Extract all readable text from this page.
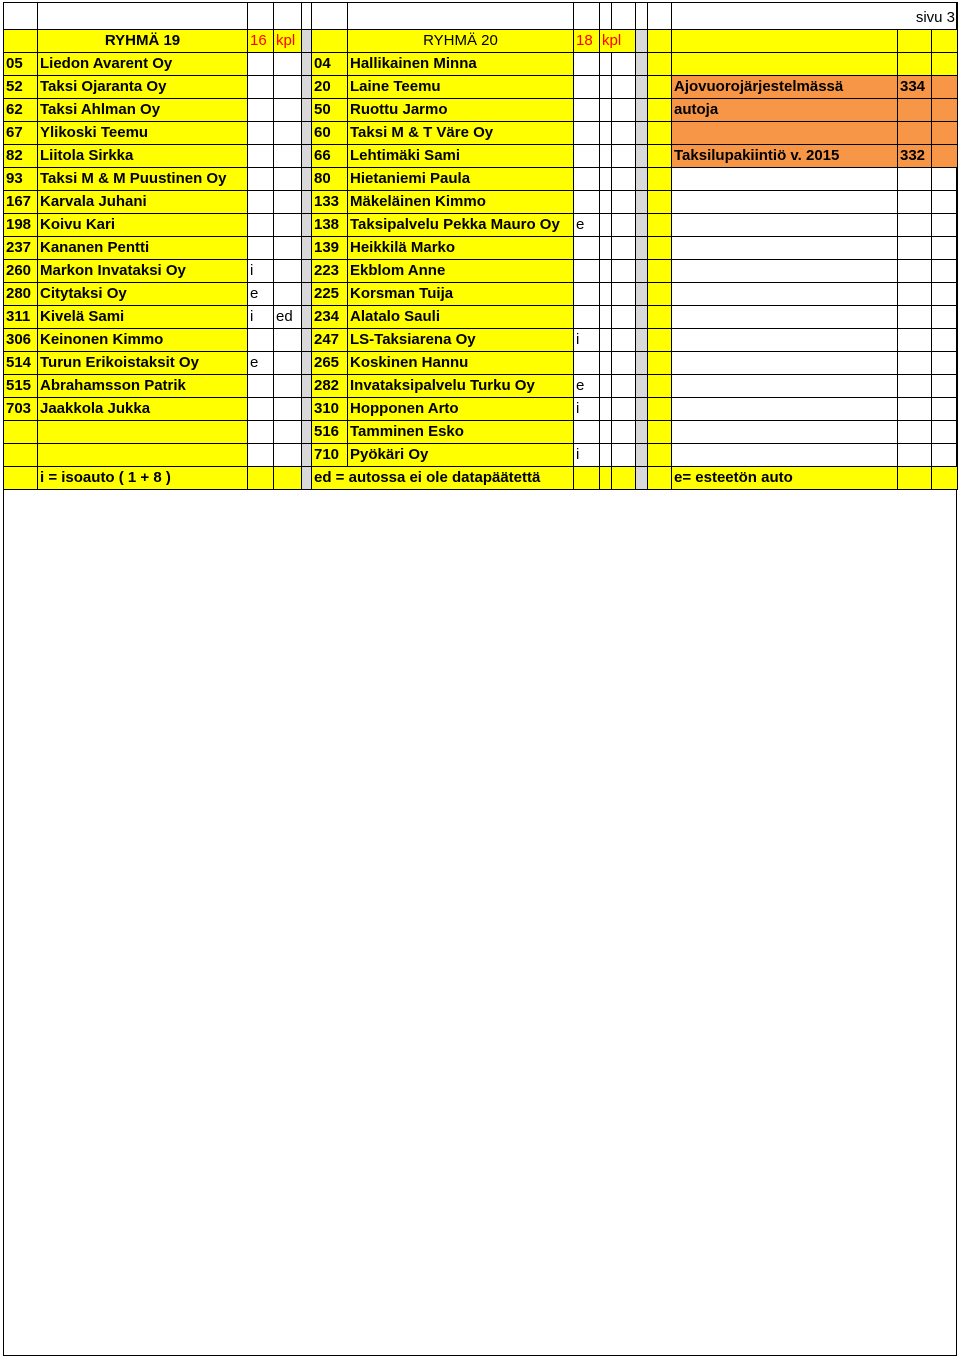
												sivu 3		
	RYHMÄ 19	16	kpl			RYHMÄ 20	18	kpl						
05	Liedon Avarent Oy				04	Hallikainen Minna								
52	Taksi Ojaranta Oy				20	Laine Teemu						Ajovuorojärjestelmässä	334	
62	Taksi Ahlman Oy				50	Ruottu Jarmo						autoja		
67	Ylikoski Teemu				60	Taksi M & T Väre Oy								
82	Liitola Sirkka				66	Lehtimäki Sami						Taksilupakiintiö v. 2015	332	
93	Taksi M & M Puustinen Oy				80	Hietaniemi Paula								
167	Karvala Juhani				133	Mäkeläinen Kimmo								
198	Koivu Kari				138	Taksipalvelu Pekka Mauro Oy	e							
237	Kananen Pentti				139	Heikkilä Marko								
260	Markon Invataksi Oy	i			223	Ekblom Anne								
280	Citytaksi Oy	e			225	Korsman Tuija								
311	Kivelä Sami	i	ed		234	Alatalo Sauli								
306	Keinonen Kimmo				247	LS-Taksiarena Oy	i							
514	Turun Erikoistaksit Oy	e			265	Koskinen Hannu								
515	Abrahamsson Patrik				282	Invataksipalvelu Turku Oy	e							
703	Jaakkola Jukka				310	Hopponen Arto	i							
					516	Tamminen Esko								
					710	Pyökäri Oy	i							
	i = isoauto ( 1 + 8 )				ed = autossa ei ole datapäätettä							e= esteetön auto		
